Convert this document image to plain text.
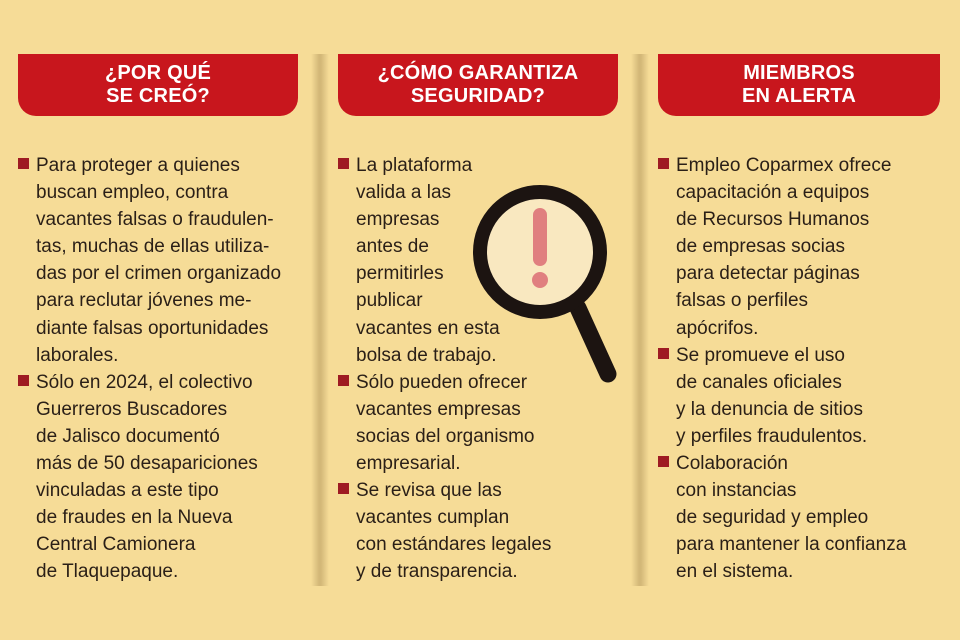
¿POR QUÉ
SE CREÓ?
Para proteger a quienes
buscan empleo, contra
vacantes falsas o fraudulen-
tas, muchas de ellas utiliza-
das por el crimen organizado
para reclutar jóvenes me-
diante falsas oportunidades
laborales.
Sólo en 2024, el colectivo
Guerreros Buscadores
de Jalisco documentó
más de 50 desapariciones
vinculadas a este tipo
de fraudes en la Nueva
Central Camionera
de Tlaquepaque.
¿CÓMO GARANTIZA
SEGURIDAD?
La plataforma
valida a las
empresas
antes de
permitirles
publicar
vacantes en esta
bolsa de trabajo.
Sólo pueden ofrecer
vacantes empresas
socias del organismo
empresarial.
Se revisa que las
vacantes cumplan
con estándares legales
y de transparencia.
MIEMBROS
EN ALERTA
Empleo Coparmex ofrece
capacitación a equipos
de Recursos Humanos
de empresas socias
para detectar páginas
falsas o perfiles
apócrifos.
Se promueve el uso
de canales oficiales
y la denuncia de sitios
y perfiles fraudulentos.
Colaboración
con instancias
de seguridad y empleo
para mantener la confianza
en el sistema.
